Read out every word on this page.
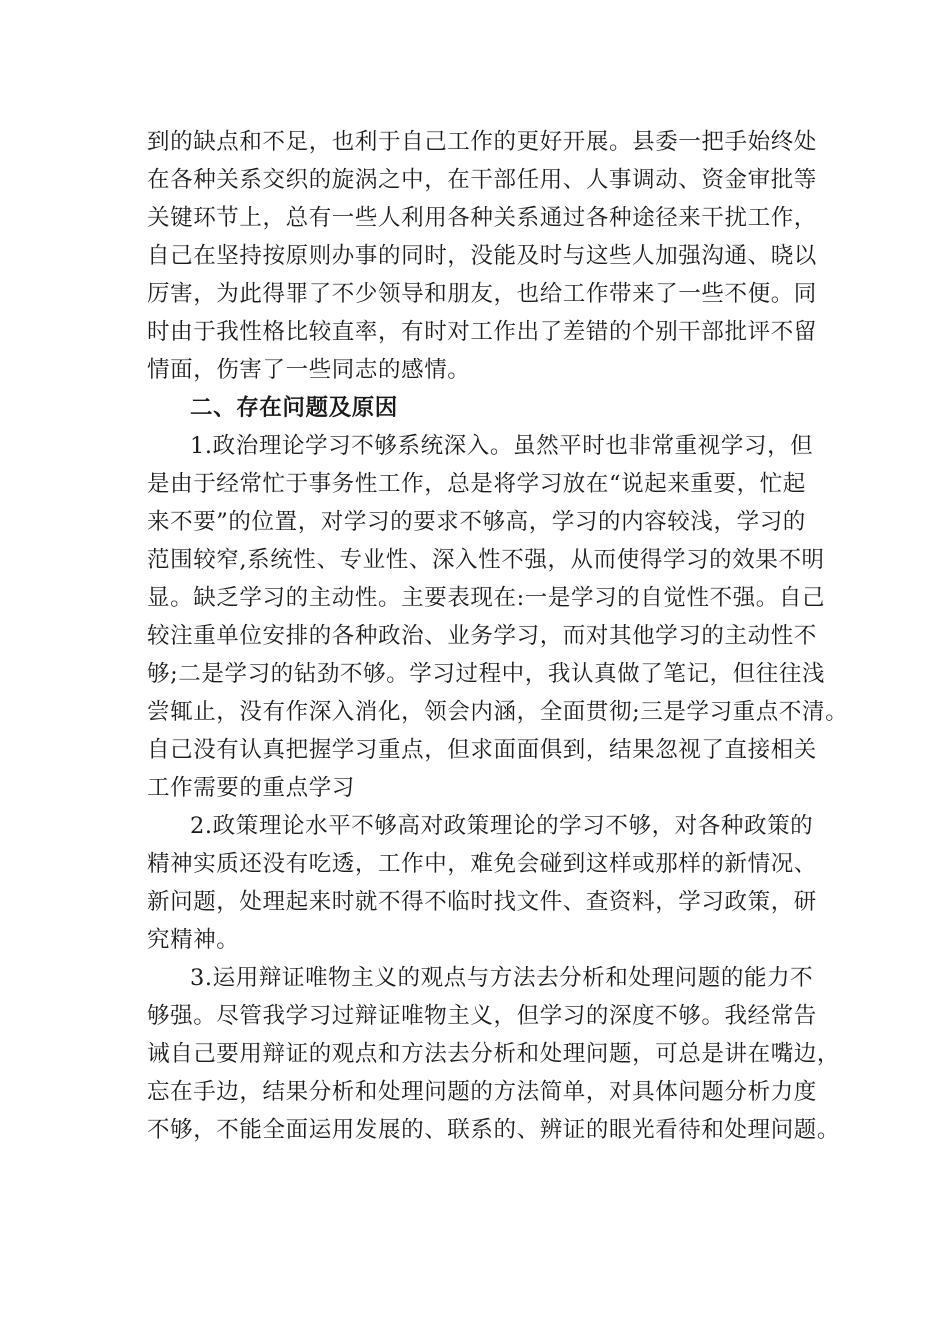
到的缺点和不足，也利于自己工作的更好开展。县委一把手始终处
在各种关系交织的旋涡之中，在干部任用、人事调动、资金审批等
关键环节上，总有一些人利用各种关系通过各种途径来干扰工作，
自己在坚持按原则办事的同时，没能及时与这些人加强沟通、晓以
厉害，为此得罪了不少领导和朋友，也给工作带来了一些不便。同
时由于我性格比较直率，有时对工作出了差错的个别干部批评不留
情面，伤害了一些同志的感情。
二、存在问题及原因
1.政治理论学习不够系统深入。虽然平时也非常重视学习，但
是由于经常忙于事务性工作，总是将学习放在“说起来重要，忙起
来不要”的位置，对学习的要求不够高，学习的内容较浅，学习的
范围较窄,系统性、专业性、深入性不强，从而使得学习的效果不明
显。缺乏学习的主动性。主要表现在:一是学习的自觉性不强。自己
较注重单位安排的各种政治、业务学习，而对其他学习的主动性不
够;二是学习的钻劲不够。学习过程中，我认真做了笔记，但往往浅
尝辄止，没有作深入消化，领会内涵，全面贯彻;三是学习重点不清。
自己没有认真把握学习重点，但求面面俱到，结果忽视了直接相关
工作需要的重点学习
2.政策理论水平不够高对政策理论的学习不够，对各种政策的
精神实质还没有吃透，工作中，难免会碰到这样或那样的新情况、
新问题，处理起来时就不得不临时找文件、查资料，学习政策，研
究精神。
3.运用辩证唯物主义的观点与方法去分析和处理问题的能力不
够强。尽管我学习过辩证唯物主义，但学习的深度不够。我经常告
诫自己要用辩证的观点和方法去分析和处理问题，可总是讲在嘴边，
忘在手边，结果分析和处理问题的方法简单，对具体问题分析力度
不够，不能全面运用发展的、联系的、辨证的眼光看待和处理问题。
